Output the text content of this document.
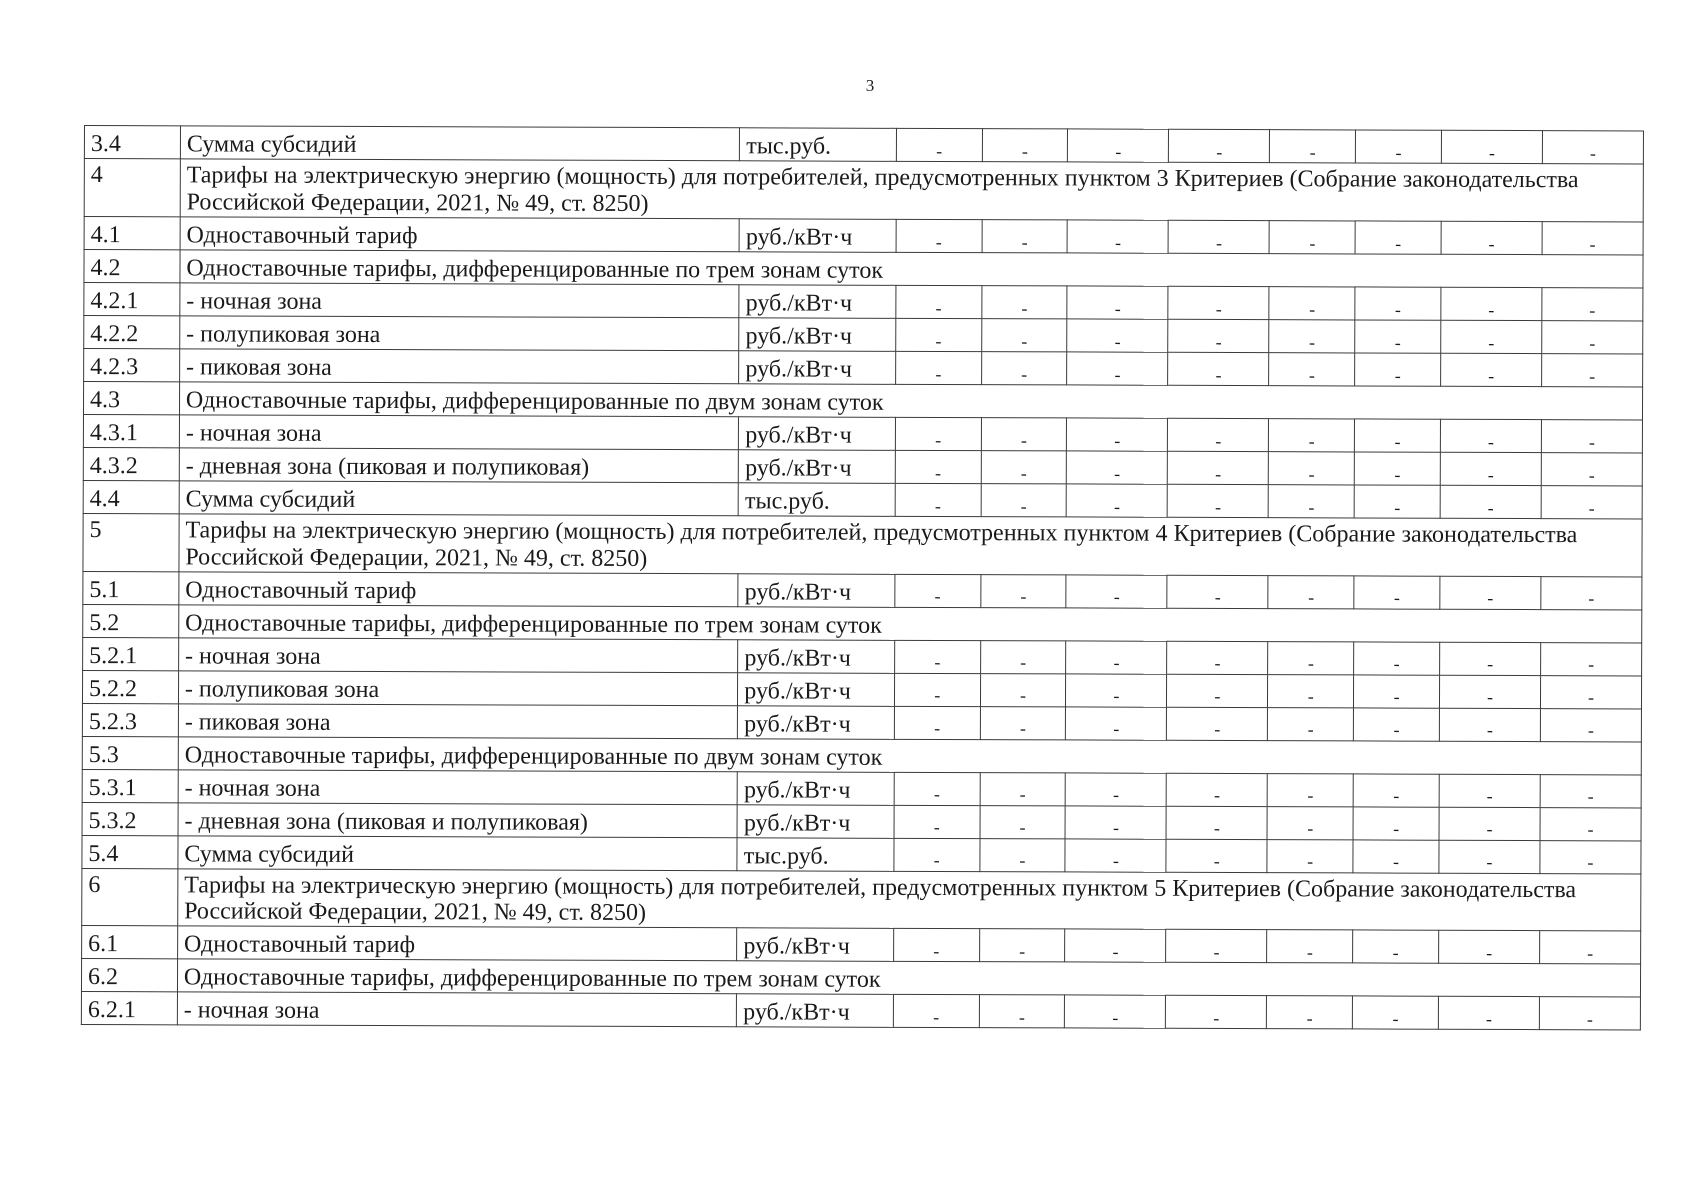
3
3.4	Сумма субсидий	тыс.руб.	-	-	-	-	-	-	-	-
4	Тарифы на электрическую энергию (мощность) для потребителей, предусмотренных пунктом 3 Критериев (Собрание законодательства Российской Федерации, 2021, № 49, ст. 8250)									
4.1	Одноставочный тариф	руб./кВт·ч	-	-	-	-	-	-	-	-
4.2	Одноставочные тарифы, дифференцированные по трем зонам суток									
4.2.1	- ночная зона	руб./кВт·ч	-	-	-	-	-	-	-	-
4.2.2	- полупиковая зона	руб./кВт·ч	-	-	-	-	-	-	-	-
4.2.3	- пиковая зона	руб./кВт·ч	-	-	-	-	-	-	-	-
4.3	Одноставочные тарифы, дифференцированные по двум зонам суток									
4.3.1	- ночная зона	руб./кВт·ч	-	-	-	-	-	-	-	-
4.3.2	- дневная зона (пиковая и полупиковая)	руб./кВт·ч	-	-	-	-	-	-	-	-
4.4	Сумма субсидий	тыс.руб.	-	-	-	-	-	-	-	-
5	Тарифы на электрическую энергию (мощность) для потребителей, предусмотренных пунктом 4 Критериев (Собрание законодательства Российской Федерации, 2021, № 49, ст. 8250)									
5.1	Одноставочный тариф	руб./кВт·ч	-	-	-	-	-	-	-	-
5.2	Одноставочные тарифы, дифференцированные по трем зонам суток									
5.2.1	- ночная зона	руб./кВт·ч	-	-	-	-	-	-	-	-
5.2.2	- полупиковая зона	руб./кВт·ч	-	-	-	-	-	-	-	-
5.2.3	- пиковая зона	руб./кВт·ч	-	-	-	-	-	-	-	-
5.3	Одноставочные тарифы, дифференцированные по двум зонам суток									
5.3.1	- ночная зона	руб./кВт·ч	-	-	-	-	-	-	-	-
5.3.2	- дневная зона (пиковая и полупиковая)	руб./кВт·ч	-	-	-	-	-	-	-	-
5.4	Сумма субсидий	тыс.руб.	-	-	-	-	-	-	-	-
6	Тарифы на электрическую энергию (мощность) для потребителей, предусмотренных пунктом 5 Критериев (Собрание законодательства Российской Федерации, 2021, № 49, ст. 8250)									
6.1	Одноставочный тариф	руб./кВт·ч	-	-	-	-	-	-	-	-
6.2	Одноставочные тарифы, дифференцированные по трем зонам суток									
6.2.1	- ночная зона	руб./кВт·ч	-	-	-	-	-	-	-	-
